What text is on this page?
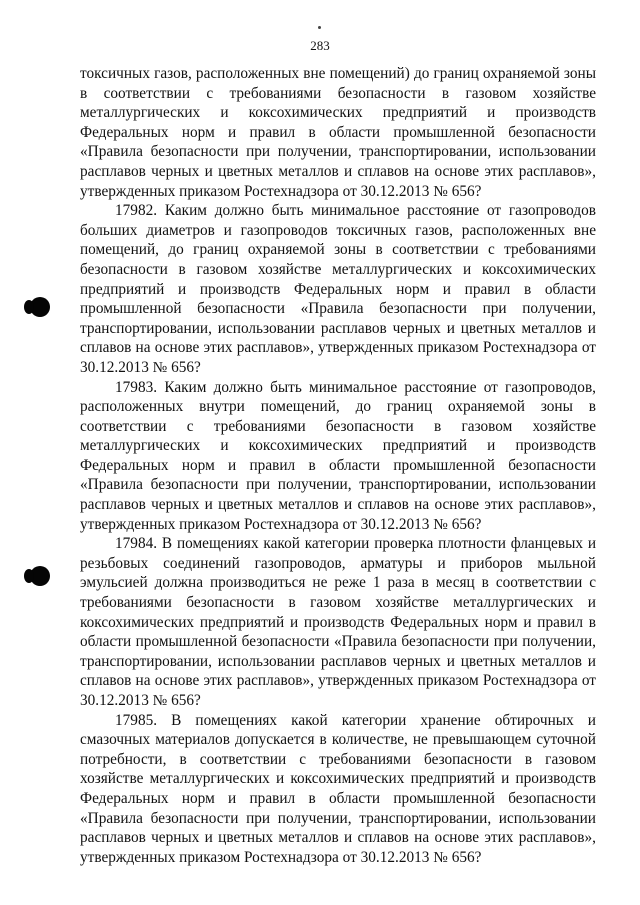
283

токсичных газов, расположенных вне помещений) до границ охраняемой зоны в соответствии с требованиями безопасности в газовом хозяйстве металлургических и коксохимических предприятий и производств Федеральных норм и правил в области промышленной безопасности «Правила безопасности при получении, транспортировании, использовании расплавов черных и цветных металлов и сплавов на основе этих расплавов», утвержденных приказом Ростехнадзора от 30.12.2013 № 656?

17982. Каким должно быть минимальное расстояние от газопроводов больших диаметров и газопроводов токсичных газов, расположенных вне помещений, до границ охраняемой зоны в соответствии с требованиями безопасности в газовом хозяйстве металлургических и коксохимических предприятий и производств Федеральных норм и правил в области промышленной безопасности «Правила безопасности при получении, транспортировании, использовании расплавов черных и цветных металлов и сплавов на основе этих расплавов», утвержденных приказом Ростехнадзора от 30.12.2013 № 656?

17983. Каким должно быть минимальное расстояние от газопроводов, расположенных внутри помещений, до границ охраняемой зоны в соответствии с требованиями безопасности в газовом хозяйстве металлургических и коксохимических предприятий и производств Федеральных норм и правил в области промышленной безопасности «Правила безопасности при получении, транспортировании, использовании расплавов черных и цветных металлов и сплавов на основе этих расплавов», утвержденных приказом Ростехнадзора от 30.12.2013 № 656?

17984. В помещениях какой категории проверка плотности фланцевых и резьбовых соединений газопроводов, арматуры и приборов мыльной эмульсией должна производиться не реже 1 раза в месяц в соответствии с требованиями безопасности в газовом хозяйстве металлургических и коксохимических предприятий и производств Федеральных норм и правил в области промышленной безопасности «Правила безопасности при получении, транспортировании, использовании расплавов черных и цветных металлов и сплавов на основе этих расплавов», утвержденных приказом Ростехнадзора от 30.12.2013 № 656?

17985. В помещениях какой категории хранение обтирочных и смазочных материалов допускается в количестве, не превышающем суточной потребности, в соответствии с требованиями безопасности в газовом хозяйстве металлургических и коксохимических предприятий и производств Федеральных норм и правил в области промышленной безопасности «Правила безопасности при получении, транспортировании, использовании расплавов черных и цветных металлов и сплавов на основе этих расплавов», утвержденных приказом Ростехнадзора от 30.12.2013 № 656?
